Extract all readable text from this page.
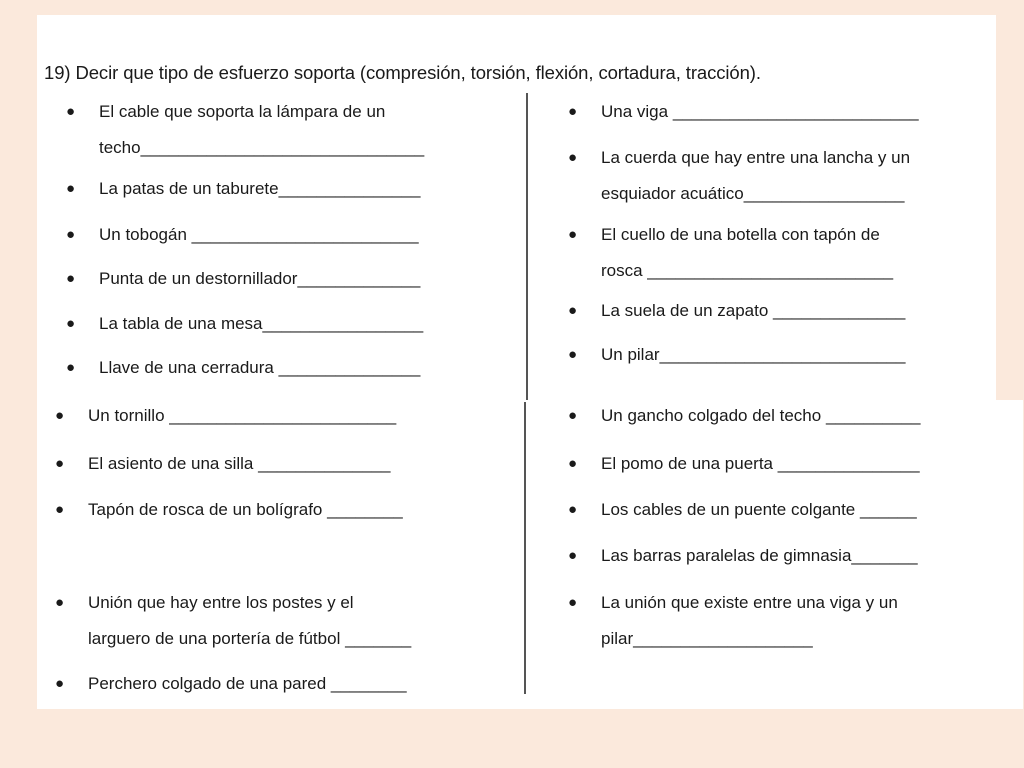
19) Decir que tipo de esfuerzo soporta (compresión, torsión, flexión, cortadura, tracción).
● El cable que soporta la lámpara de un
techo______________________________
● La patas de un taburete_______________
● Un tobogán ________________________
● Punta de un destornillador_____________
● La tabla de una mesa_________________
● Llave de una cerradura _______________
● Una viga __________________________
● La cuerda que hay entre una lancha y un
esquiador acuático_________________
● El cuello de una botella con tapón de
rosca __________________________
● La suela de un zapato ______________
● Un pilar__________________________
● Un tornillo ________________________
● El asiento de una silla ______________
● Tapón de rosca de un bolígrafo ________
● Unión que hay entre los postes y el
larguero de una portería de fútbol _______
● Perchero colgado de una pared ________
● Un gancho colgado del techo __________
● El pomo de una puerta _______________
● Los cables de un puente colgante ______
● Las barras paralelas de gimnasia_______
● La unión que existe entre una viga y un
pilar___________________
